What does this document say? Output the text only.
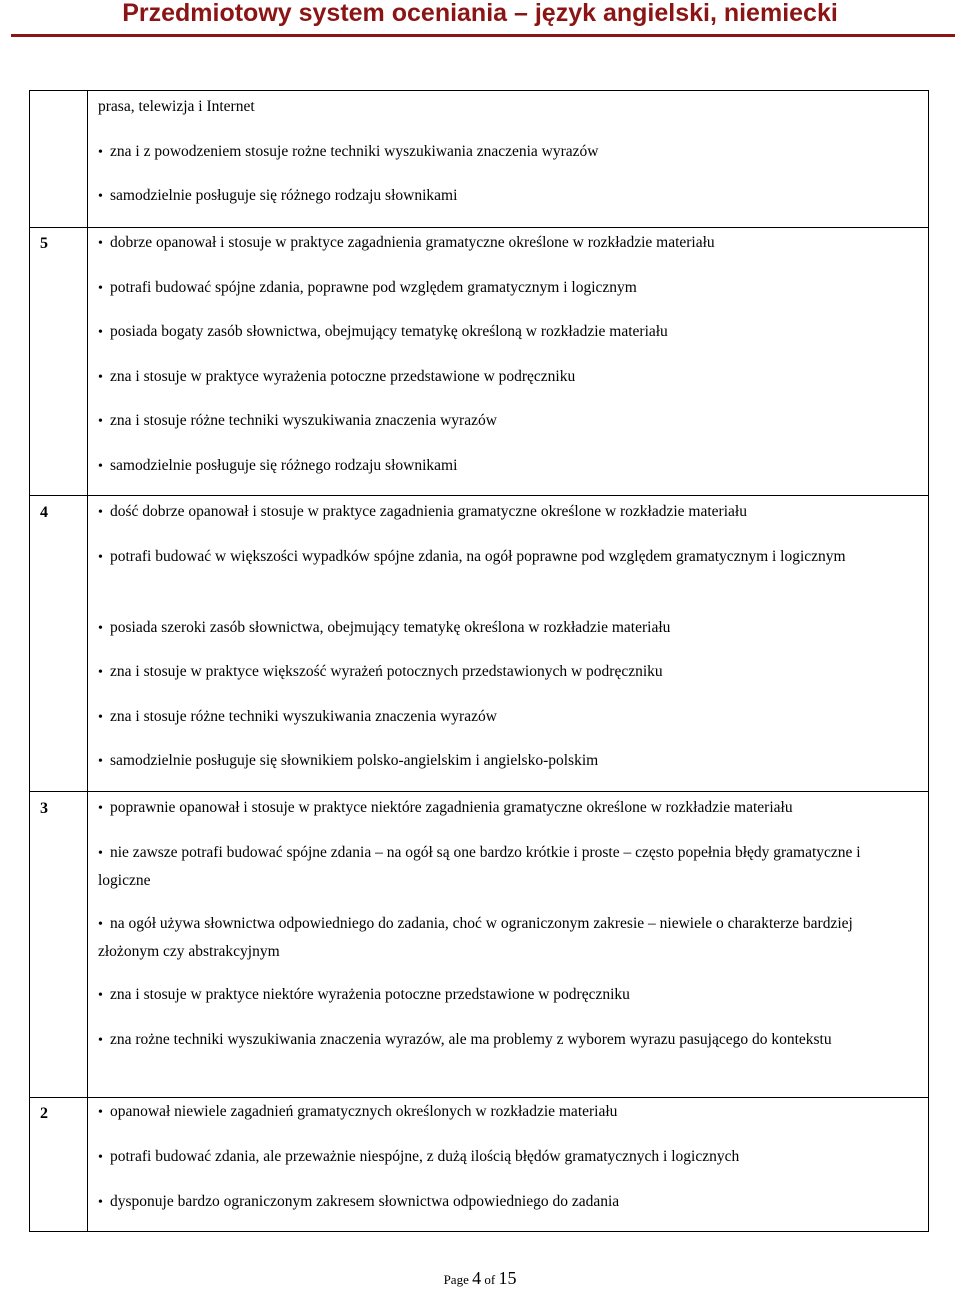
Przedmiotowy system oceniania – język angielski, niemiecki
prasa, telewizja i Internet
• zna i z powodzeniem stosuje rożne techniki wyszukiwania znaczenia wyrazów
• samodzielnie posługuje się różnego rodzaju słownikami
5	• dobrze opanował i stosuje w praktyce zagadnienia gramatyczne określone w rozkładzie materiału
• potrafi budować spójne zdania, poprawne pod względem gramatycznym i logicznym
• posiada bogaty zasób słownictwa, obejmujący tematykę określoną w rozkładzie materiału
• zna i stosuje w praktyce wyrażenia potoczne przedstawione w podręczniku
• zna i stosuje różne techniki wyszukiwania znaczenia wyrazów
• samodzielnie posługuje się różnego rodzaju słownikami
4	• dość dobrze opanował i stosuje w praktyce zagadnienia gramatyczne określone w rozkładzie materiału
• potrafi budować w większości wypadków spójne zdania, na ogół poprawne pod względem gramatycznym i logicznym
• posiada szeroki zasób słownictwa, obejmujący tematykę określona w rozkładzie materiału
• zna i stosuje w praktyce większość wyrażeń potocznych przedstawionych w podręczniku
• zna i stosuje różne techniki wyszukiwania znaczenia wyrazów
• samodzielnie posługuje się słownikiem polsko-angielskim i angielsko-polskim
3	• poprawnie opanował i stosuje w praktyce niektóre zagadnienia gramatyczne określone w rozkładzie materiału
• nie zawsze potrafi budować spójne zdania – na ogół są one bardzo krótkie i proste – często popełnia błędy gramatyczne i logiczne
• na ogół używa słownictwa odpowiedniego do zadania, choć w ograniczonym zakresie – niewiele o charakterze bardziej złożonym czy abstrakcyjnym
• zna i stosuje w praktyce niektóre wyrażenia potoczne przedstawione w podręczniku
• zna rożne techniki wyszukiwania znaczenia wyrazów, ale ma problemy z wyborem wyrazu pasującego do kontekstu
2	• opanował niewiele zagadnień gramatycznych określonych w rozkładzie materiału
• potrafi budować zdania, ale przeważnie niespójne, z dużą ilością błędów gramatycznych i logicznych
• dysponuje bardzo ograniczonym zakresem słownictwa odpowiedniego do zadania
Page 4 of 15
